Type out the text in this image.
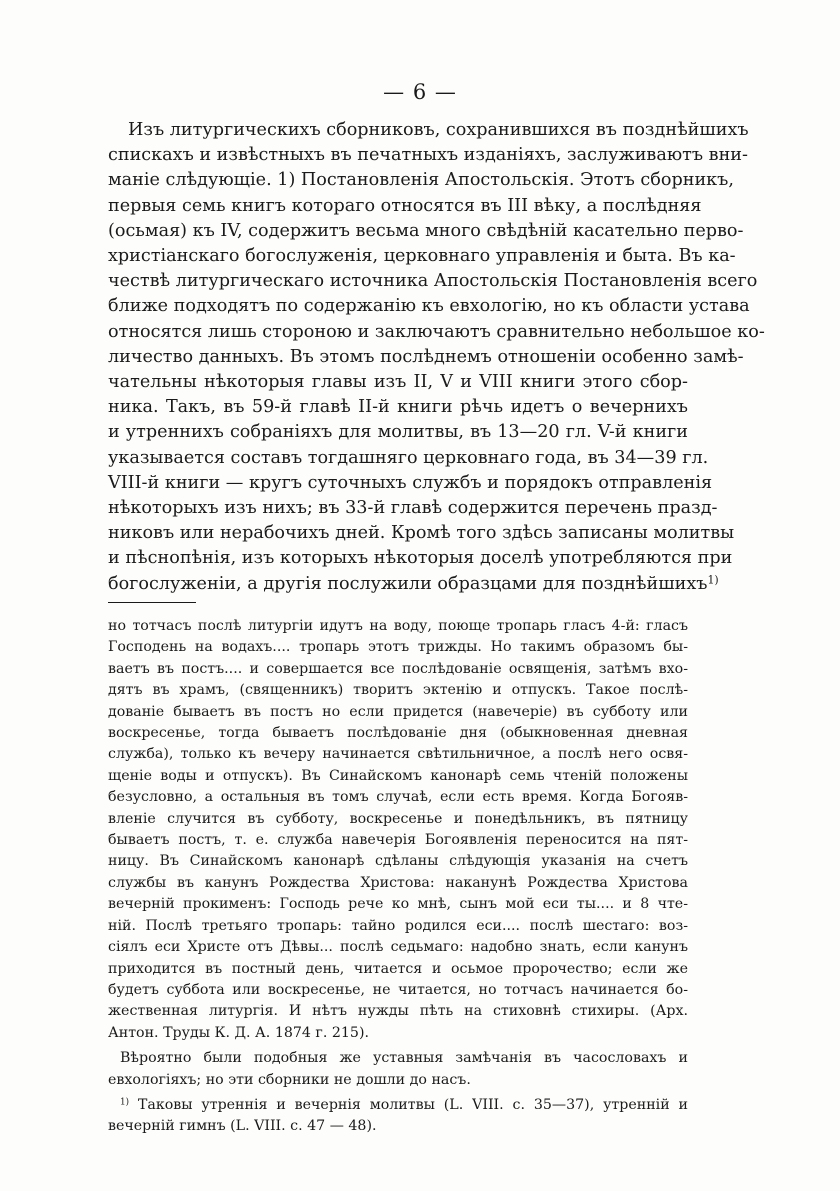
— 6 —
Изъ литургическихъ сборниковъ, сохранившихся въ позднѣйшихъ
спискахъ и извѣстныхъ въ печатныхъ изданіяхъ, заслуживаютъ вни-
маніе слѣдующіе. 1) Постановленія Апостольскія. Этотъ сборникъ,
первыя семь книгъ котораго относятся въ III вѣку, а послѣдняя
(осьмая) къ IV, содержитъ весьма много свѣдѣній касательно перво-
христіанскаго богослуженія, церковнаго управленія и быта. Въ ка-
чествѣ литургическаго источника Апостольскія Постановленія всего
ближе подходятъ по содержанію къ евхологію, но къ области устава
относятся лишь стороною и заключаютъ сравнительно небольшое ко-
личество данныхъ. Въ этомъ послѣднемъ отношеніи особенно замѣ-
чательны нѣкоторыя главы изъ II, V и VIII книги этого сбор-
ника. Такъ, въ 59-й главѣ II-й книги рѣчь идетъ о вечернихъ
и утреннихъ собраніяхъ для молитвы, въ 13—20 гл. V-й книги
указывается составъ тогдашняго церковнаго года, въ 34—39 гл.
VIII-й книги — кругъ суточныхъ службъ и порядокъ отправленія
нѣкоторыхъ изъ нихъ; въ 33-й главѣ содержится перечень празд-
никовъ или нерабочихъ дней. Кромѣ того здѣсь записаны молитвы
и пѣснопѣнія, изъ которыхъ нѣкоторыя доселѣ употребляются при
богослуженіи, а другія послужили образцами для позднѣйшихъ$^{1)}$
но тотчасъ послѣ литургіи идутъ на воду, поюще тропарь гласъ 4-й: гласъ
Господень на водахъ.... тропарь этотъ трижды. Но такимъ образомъ бы-
ваетъ въ постъ.... и совершается все послѣдованіе освященія, затѣмъ вхо-
дятъ въ храмъ, (священникъ) творитъ эктенію и отпускъ. Такое послѣ-
дованіе бываетъ въ постъ но если придется (навечеріе) въ субботу или
воскресенье, тогда бываетъ послѣдованіе дня (обыкновенная дневная
служба), только къ вечеру начинается свѣтильничное, а послѣ него освя-
щеніе воды и отпускъ). Въ Синайскомъ канонарѣ семь чтеній положены
безусловно, а остальныя въ томъ случаѣ, если есть время. Когда Богояв-
вленіе случится въ субботу, воскресенье и понедѣльникъ, въ пятницу
бываетъ постъ, т. е. служба навечерія Богоявленія переносится на пят-
ницу. Въ Синайскомъ канонарѣ сдѣланы слѣдующія указанія на счетъ
службы въ канунъ Рождества Христова: наканунѣ Рождества Христова
вечерній прокименъ: Господь рече ко мнѣ, сынъ мой еси ты.... и 8 чте-
ній. Послѣ третьяго тропарь: тайно родился еси.... послѣ шестаго: воз-
сіялъ еси Христе отъ Дѣвы... послѣ седьмаго: надобно знать, если канунъ
приходится въ постный день, читается и осьмое пророчество; если же
будетъ суббота или воскресенье, не читается, но тотчасъ начинается бо-
жественная литургія. И нѣтъ нужды пѣть на стиховнѣ стихиры. (Арх.
Антон. Труды К. Д. А. 1874 г. 215).
Вѣроятно были подобныя же уставныя замѣчанія въ часословахъ и
евхологіяхъ; но эти сборники не дошли до насъ.
$^{1)}$ Таковы утреннія и вечернія молитвы (L. VIII. с. 35—37), утренній и
вечерній гимнъ (L. VIII. с. 47 — 48).
